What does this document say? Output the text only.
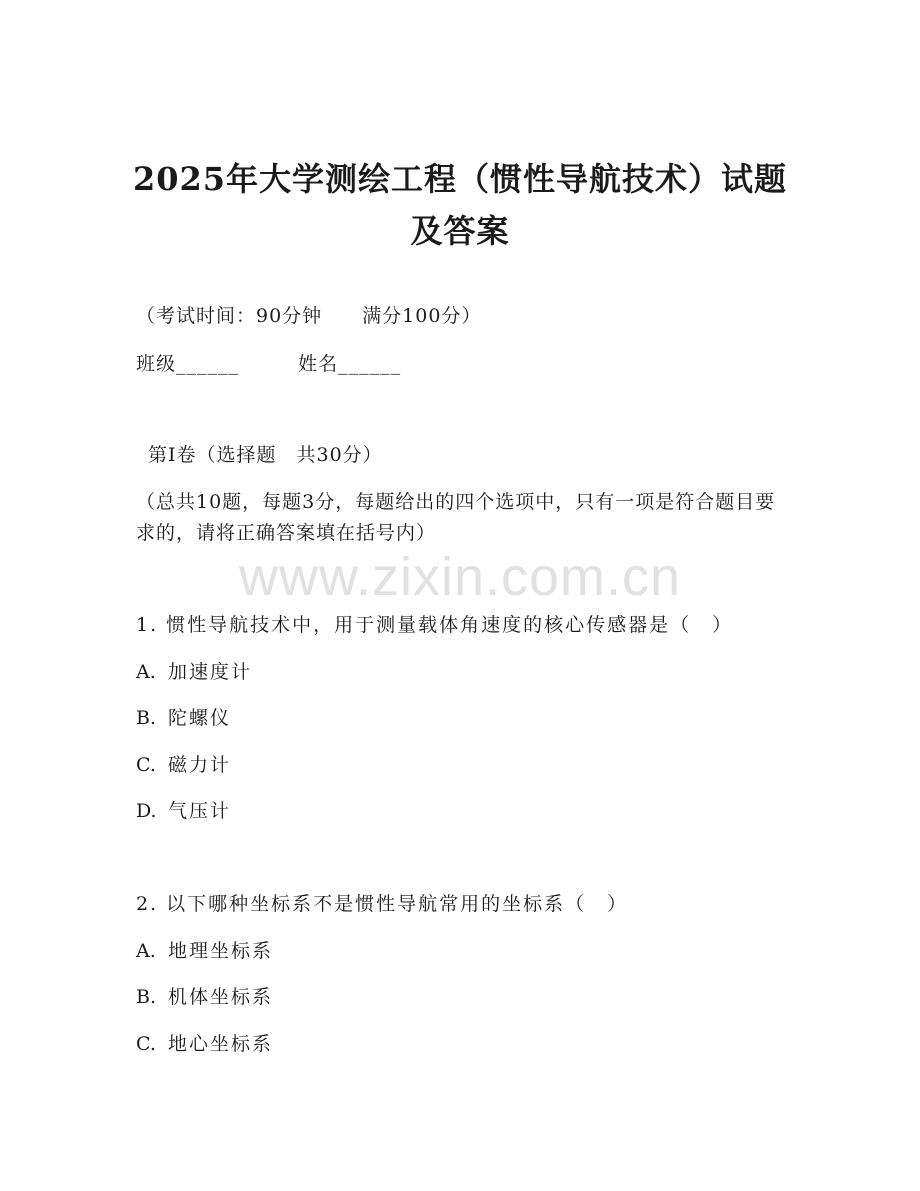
2025年大学测绘工程（惯性导航技术）试题
及答案
（考试时间：90分钟　　满分100分）
班级______	姓名______
第Ⅰ卷（选择题　共30分）
（总共10题，每题3分，每题给出的四个选项中，只有一项是符合题目要求的，请将正确答案填在括号内）
www.zixin.com.cn
1. 惯性导航技术中，用于测量载体角速度的核心传感器是（　）
A. 加速度计
B. 陀螺仪
C. 磁力计
D. 气压计
2. 以下哪种坐标系不是惯性导航常用的坐标系（　）
A. 地理坐标系
B. 机体坐标系
C. 地心坐标系
